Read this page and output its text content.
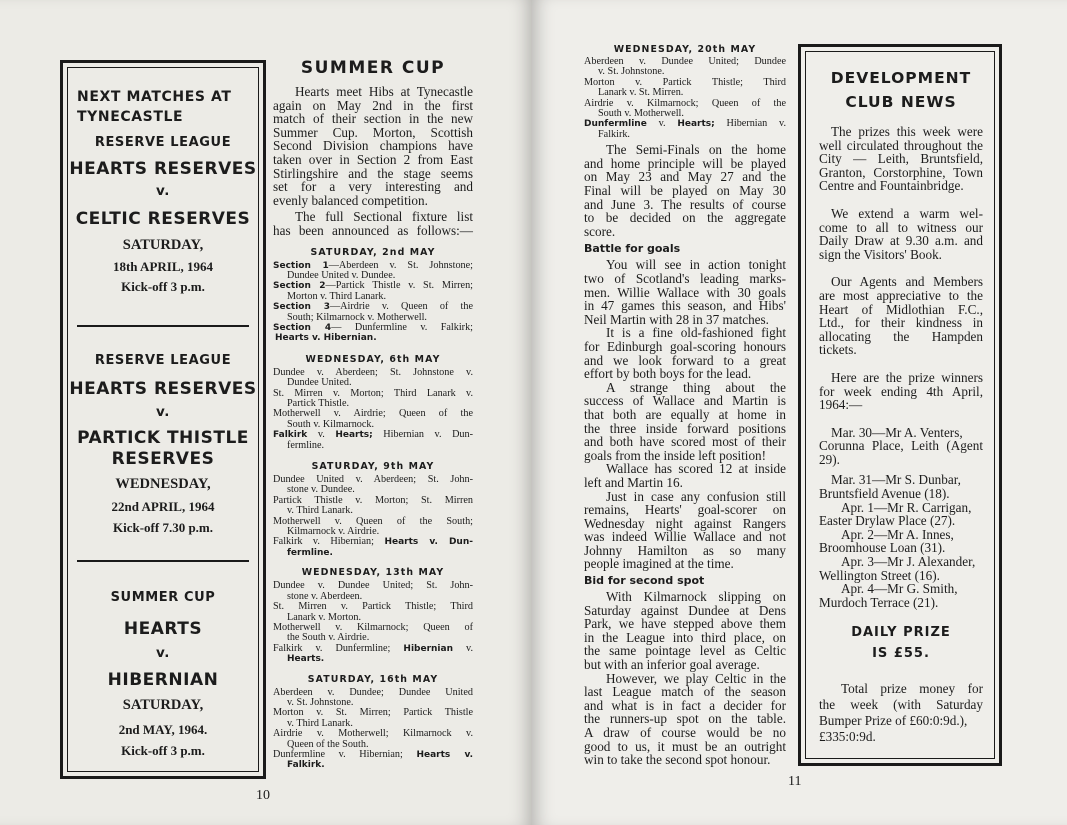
NEXT MATCHES AT
TYNECASTLE
RESERVE LEAGUE
HEARTS RESERVES
v.
CELTIC RESERVES
SATURDAY,
18th APRIL, 1964
Kick-off 3 p.m.
RESERVE LEAGUE
HEARTS RESERVES
v.
PARTICK THISTLE
RESERVES
WEDNESDAY,
22nd APRIL, 1964
Kick-off 7.30 p.m.
SUMMER CUP
HEARTS
v.
HIBERNIAN
SATURDAY,
2nd MAY, 1964.
Kick-off 3 p.m.

SUMMER CUP

Hearts meet Hibs at Tynecastle
again on May 2nd in the first
match of their section in the new
Summer Cup. Morton, Scottish
Second Division champions have
taken over in Section 2 from East
Stirlingshire and the stage seems
set for a very interesting and
evenly balanced competition.
The full Sectional fixture list
has been announced as follows:—

SATURDAY, 2nd MAY

Section 1—Aberdeen v. St. Johnstone;
Dundee United v. Dundee.
Section 2—Partick Thistle v. St. Mirren;
Morton v. Third Lanark.
Section 3—Airdrie v. Queen of the
South; Kilmarnock v. Motherwell.
Section 4— Dunfermline v. Falkirk;
Hearts v. Hibernian.

WEDNESDAY, 6th MAY

Dundee v. Aberdeen; St. Johnstone v.
Dundee United.
St. Mirren v. Morton; Third Lanark v.
Partick Thistle.
Motherwell v. Airdrie; Queen of the
South v. Kilmarnock.
Falkirk v. Hearts; Hibernian v. Dun-
fermline.

SATURDAY, 9th MAY

Dundee United v. Aberdeen; St. John-
stone v. Dundee.
Partick Thistle v. Morton; St. Mirren
v. Third Lanark.
Motherwell v. Queen of the South;
Kilmarnock v. Airdrie.
Falkirk v. Hibernian; Hearts v. Dun-
fermline.

WEDNESDAY, 13th MAY

Dundee v. Dundee United; St. John-
stone v. Aberdeen.
St. Mirren v. Partick Thistle; Third
Lanark v. Morton.
Motherwell v. Kilmarnock; Queen of
the South v. Airdrie.
Falkirk v. Dunfermline; Hibernian v.
Hearts.

SATURDAY, 16th MAY

Aberdeen v. Dundee; Dundee United
v. St. Johnstone.
Morton v. St. Mirren; Partick Thistle
v. Third Lanark.
Airdrie v. Motherwell; Kilmarnock v.
Queen of the South.
Dunfermline v. Hibernian; Hearts v.
Falkirk.
10

WEDNESDAY, 20th MAY

Aberdeen v. Dundee United; Dundee
v. St. Johnstone.
Morton v. Partick Thistle; Third
Lanark v. St. Mirren.
Airdrie v. Kilmarnock; Queen of the
South v. Motherwell.
Dunfermline v. Hearts; Hibernian v.
Falkirk.
The Semi-Finals on the home
and home principle will be played
on May 23 and May 27 and the
Final will be played on May 30
and June 3. The results of course
to be decided on the aggregate
score.

Battle for goals

You will see in action tonight
two of Scotland's leading marks-
men. Willie Wallace with 30 goals
in 47 games this season, and Hibs'
Neil Martin with 28 in 37 matches.
It is a fine old-fashioned fight
for Edinburgh goal-scoring honours
and we look forward to a great
effort by both boys for the lead.
A strange thing about the
success of Wallace and Martin is
that both are equally at home in
the three inside forward positions
and both have scored most of their
goals from the inside left position!
Wallace has scored 12 at inside
left and Martin 16.
Just in case any confusion still
remains, Hearts' goal-scorer on
Wednesday night against Rangers
was indeed Willie Wallace and not
Johnny Hamilton as so many
people imagined at the time.

Bid for second spot

With Kilmarnock slipping on
Saturday against Dundee at Dens
Park, we have stepped above them
in the League into third place, on
the same pointage level as Celtic
but with an inferior goal average.
However, we play Celtic in the
last League match of the season
and what is in fact a decider for
the runners-up spot on the table.
A draw of course would be no
good to us, it must be an outright
win to take the second spot honour.
11

DEVELOPMENT

CLUB NEWS

The prizes this week were
well circulated throughout the
City — Leith, Bruntsfield,
Granton, Corstorphine, Town
Centre and Fountainbridge.
We extend a warm wel-
come to all to witness our
Daily Draw at 9.30 a.m. and
sign the Visitors' Book.
Our Agents and Members
are most appreciative to the
Heart of Midlothian F.C.,
Ltd., for their kindness in
allocating the Hampden
tickets.
Here are the prize winners
for week ending 4th April,
1964:—
Mar. 30—Mr A. Venters,
Corunna Place, Leith (Agent
29).
Mar. 31—Mr S. Dunbar,
Bruntsfield Avenue (18).
Apr. 1—Mr R. Carrigan,
Easter Drylaw Place (27).
Apr. 2—Mr A. Innes,
Broomhouse Loan (31).
Apr. 3—Mr J. Alexander,
Wellington Street (16).
Apr. 4—Mr G. Smith,
Murdoch Terrace (21).

DAILY PRIZE

IS £55.

Total prize money for
the week (with Saturday
Bumper Prize of £60:0:9d.),
£335:0:9d.
